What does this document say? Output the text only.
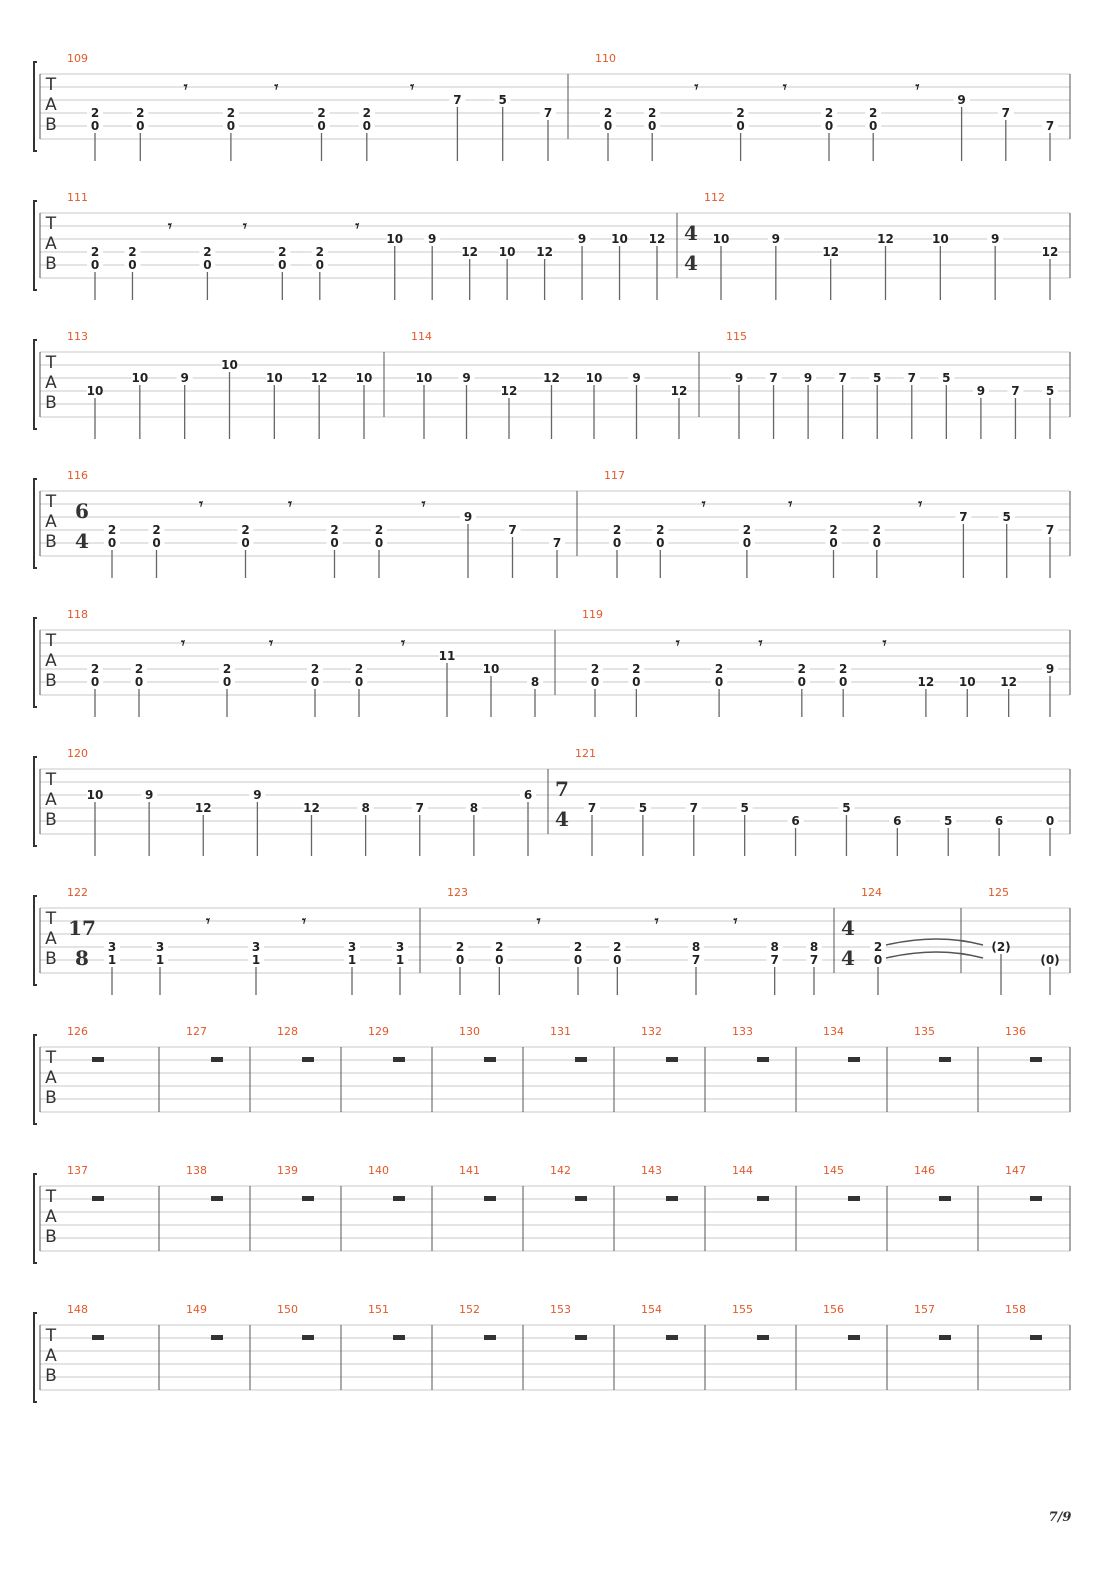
T
A
B
109
0
2
0
2
𝄾
0
2
𝄾
0
2
0
2
𝄾
7	5
7
110
0
2
0
2
𝄾
0
2
𝄾
0
2
0
2
𝄾
9
7
7
T
A
B
111
0
2
0
2
𝄾
0
2
𝄾
0
2
0
2
𝄾
10 9
12 10 12
9 10 12
112
4
4
10	9
12
12	10	9
12
T
A
B
113
10
10	9
10
10 12 10
114
10 9
12
12 10 9
12
115
9 7 9 7 5 7 5
9 7 5
T
A
B
116
6
4 0
2
0
2
𝄾
0
2
𝄾
0
2
0
2
𝄾
9
7
7
117
0
2
0
2
𝄾
0
2
𝄾
0
2
0
2
𝄾
7	5
7
T
A
B
118
0
2
0
2
𝄾
0
2
𝄾
0
2
0
2
𝄾
11
10
8
119
0
2
0
2
𝄾
0
2
𝄾
0
2
0
2
𝄾
12 10 12
9
T
A
B
120
10	9
12
9
12	8	7	8
6
121
7
4 7	5	7	5
6
5
6	5	6	0
T
A
B
122
17
8 1
3
1
3
𝄾
1
3
𝄾
1
3
1
3
123
0
2
0
2
𝄾
0
2
0
2
𝄾
7
8
𝄾
7
8
7
8
124
4
4 0
2
125
(2)
(0)
T
A
B
126	127	128	129	130	131	132	133	134	135	136
T
A
B
137	138	139	140	141	142	143	144	145	146	147
T
A
B
148	149	150	151	152	153	154	155	156	157	158
7/9
